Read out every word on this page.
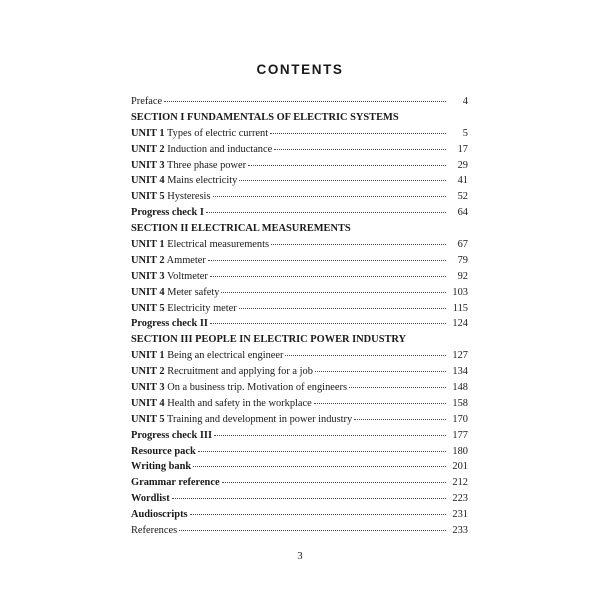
CONTENTS
Preface	4
SECTION I FUNDAMENTALS OF ELECTRIC SYSTEMS
UNIT 1 Types of electric current	5
UNIT 2 Induction and inductance	17
UNIT 3 Three phase power	29
UNIT 4 Mains electricity	41
UNIT 5 Hysteresis	52
Progress check I	64
SECTION II ELECTRICAL MEASUREMENTS
UNIT 1 Electrical measurements	67
UNIT 2 Ammeter	79
UNIT 3 Voltmeter	92
UNIT 4 Meter safety	103
UNIT 5 Electricity meter	115
Progress check II	124
SECTION III PEOPLE IN ELECTRIC POWER INDUSTRY
UNIT 1 Being an electrical engineer	127
UNIT 2 Recruitment and applying for a job	134
UNIT 3 On a business trip. Motivation of engineers	148
UNIT 4 Health and safety in the workplace	158
UNIT 5 Training and development in power industry	170
Progress check III	177
Resource pack	180
Writing bank	201
Grammar reference	212
Wordlist	223
Audioscripts	231
References	233
3
